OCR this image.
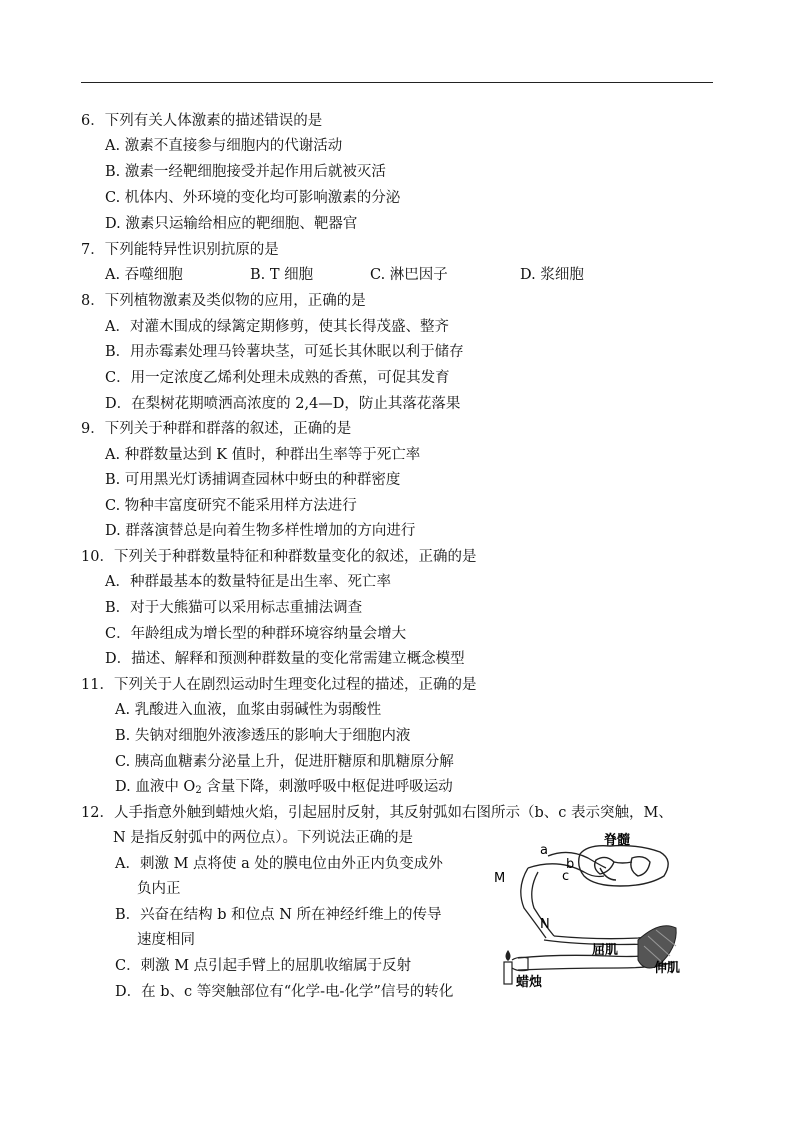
6．下列有关人体激素的描述错误的是
A. 激素不直接参与细胞内的代谢活动
B. 激素一经靶细胞接受并起作用后就被灭活
C. 机体内、外环境的变化均可影响激素的分泌
D. 激素只运输给相应的靶细胞、靶器官
7．下列能特异性识别抗原的是
A. 吞噬细胞	B. T 细胞	C. 淋巴因子	D. 浆细胞
8．下列植物激素及类似物的应用，正确的是
A．对灌木围成的绿篱定期修剪，使其长得茂盛、整齐
B．用赤霉素处理马铃薯块茎，可延长其休眠以利于储存
C．用一定浓度乙烯利处理未成熟的香蕉，可促其发育
D．在梨树花期喷洒高浓度的 2,4—D，防止其落花落果
9．下列关于种群和群落的叙述，正确的是
A. 种群数量达到 K 值时，种群出生率等于死亡率
B. 可用黑光灯诱捕调查园林中蚜虫的种群密度
C. 物种丰富度研究不能采用样方法进行
D. 群落演替总是向着生物多样性增加的方向进行
10．下列关于种群数量特征和种群数量变化的叙述，正确的是
A．种群最基本的数量特征是出生率、死亡率
B．对于大熊猫可以采用标志重捕法调查
C．年龄组成为增长型的种群环境容纳量会增大
D．描述、解释和预测种群数量的变化常需建立概念模型
11．下列关于人在剧烈运动时生理变化过程的描述，正确的是
A. 乳酸进入血液，血浆由弱碱性为弱酸性
B. 失钠对细胞外液渗透压的影响大于细胞内液
C. 胰高血糖素分泌量上升，促进肝糖原和肌糖原分解
D. 血液中 $O_2$ 含量下降，刺激呼吸中枢促进呼吸运动
12．人手指意外触到蜡烛火焰，引起屈肘反射，其反射弧如右图所示（b、c 表示突触，M、
N 是指反射弧中的两位点）。下列说法正确的是
A．刺激 M 点将使 a 处的膜电位由外正内负变成外
负内正
B．兴奋在结构 b 和位点 N 所在神经纤维上的传导
速度相同
C．刺激 M 点引起手臂上的屈肌收缩属于反射
D．在 b、c 等突触部位有“化学-电-化学”信号的转化
a
b
c
M
N
脊髓
屈肌
伸肌
蜡烛
